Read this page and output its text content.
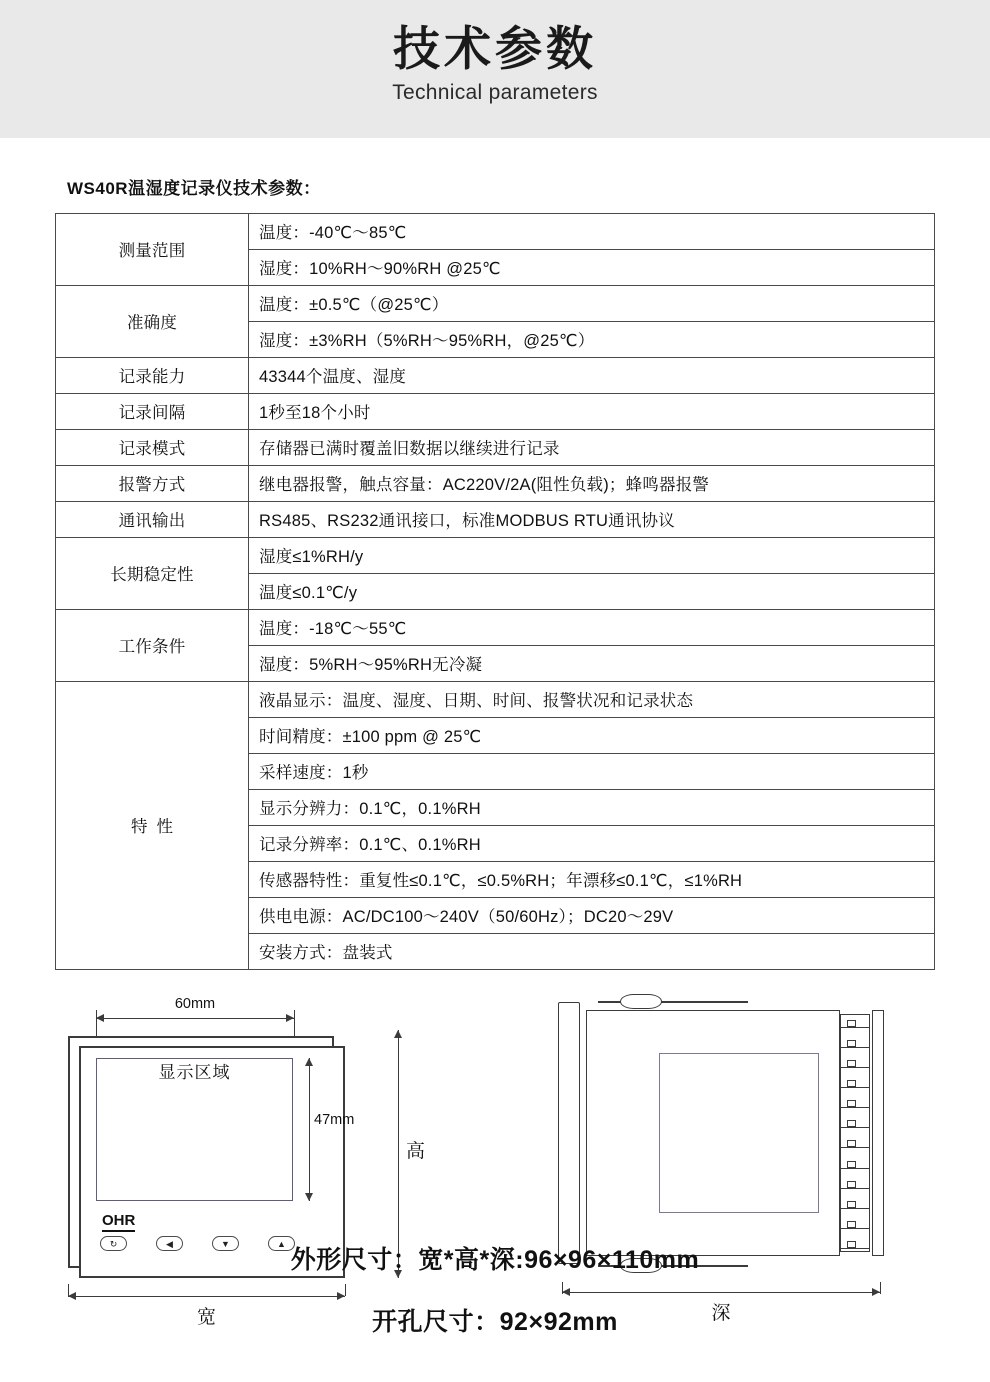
技术参数
Technical parameters
WS40R温湿度记录仪技术参数：
测量范围	温度：-40℃～85℃
	湿度：10%RH～90%RH @25℃
准确度	温度：±0.5℃（@25℃）
	湿度：±3%RH（5%RH～95%RH，@25℃）
记录能力	43344个温度、湿度
记录间隔	1秒至18个小时
记录模式	存储器已满时覆盖旧数据以继续进行记录
报警方式	继电器报警，触点容量：AC220V/2A(阻性负载)；蜂鸣器报警
通讯输出	RS485、RS232通讯接口，标准MODBUS RTU通讯协议
长期稳定性	湿度≤1%RH/y
	温度≤0.1℃/y
工作条件	温度：-18℃～55℃
	湿度：5%RH～95%RH无冷凝
特性	液晶显示：温度、湿度、日期、时间、报警状况和记录状态
	时间精度：±100 ppm @ 25℃
	采样速度：1秒
	显示分辨力：0.1℃，0.1%RH
	记录分辨率：0.1℃、0.1%RH
	传感器特性：重复性≤0.1℃，≤0.5%RH；年漂移≤0.1℃，≤1%RH
	供电电源：AC/DC100～240V（50/60Hz）；DC20～29V
	安装方式：盘装式
60mm
显示区域
OHR
↻	◀	▼	▲
47mm
高
宽	深
外形尺寸：宽*高*深:96×96×110mm
开孔尺寸：92×92mm
